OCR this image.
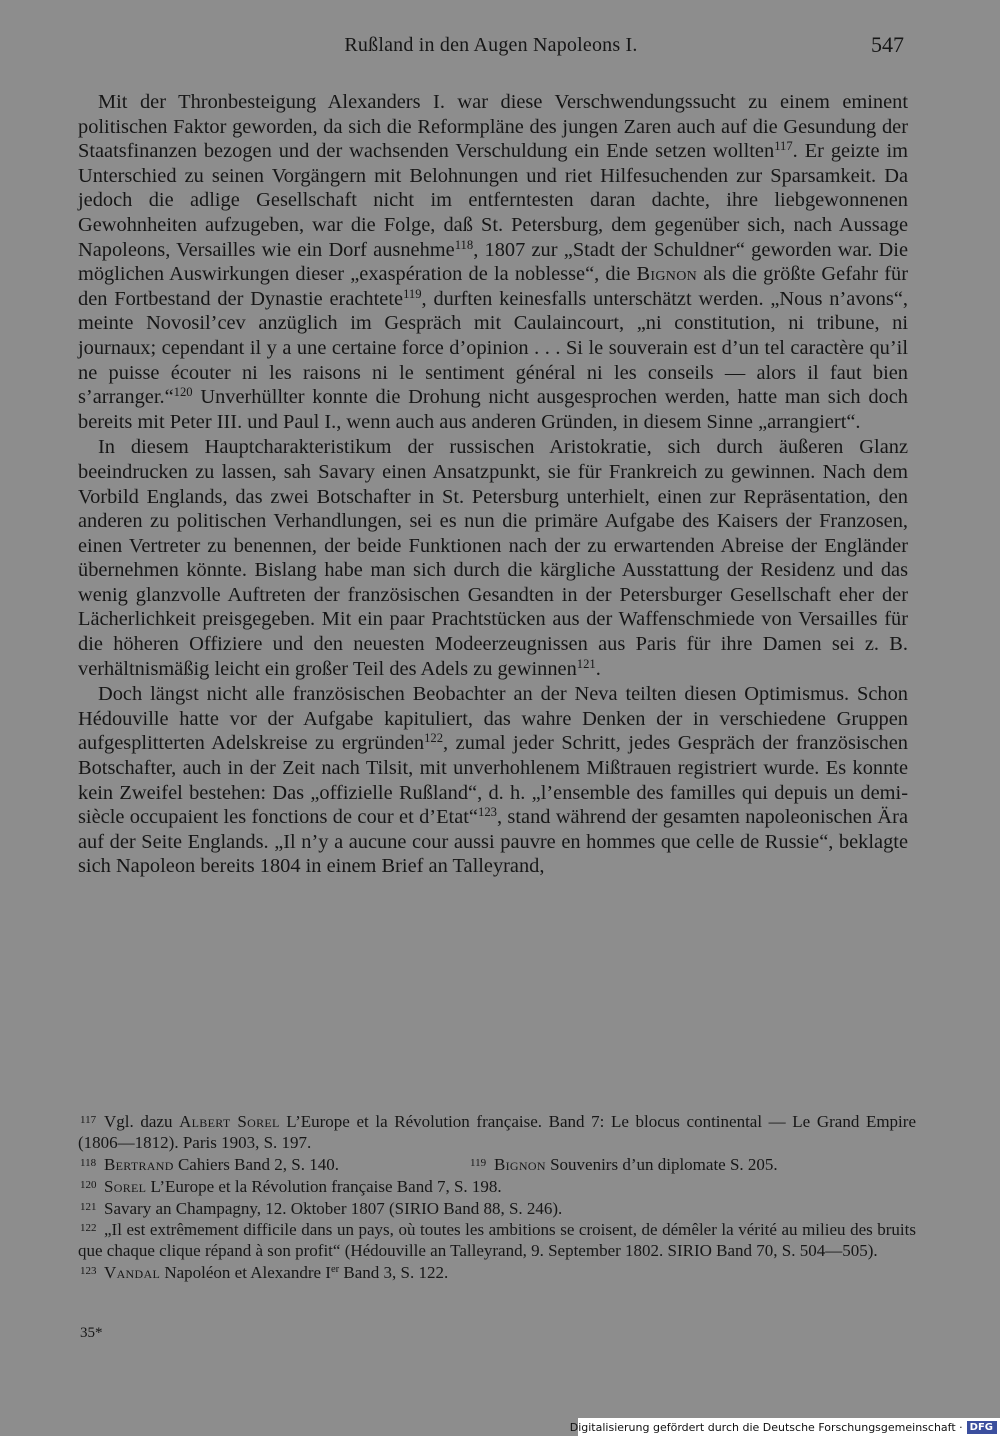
Rußland in den Augen Napoleons I.	547

Mit der Thronbesteigung Alexanders I. war diese Verschwendungssucht zu einem eminent politischen Faktor geworden, da sich die Reformpläne des jungen Zaren auch auf die Gesundung der Staatsfinanzen bezogen und der wachsenden Verschuldung ein Ende setzen wollten$^{117}$. Er geizte im Unterschied zu seinen Vorgängern mit Belohnungen und riet Hilfesuchenden zur Sparsamkeit. Da jedoch die adlige Gesellschaft nicht im entferntesten daran dachte, ihre liebgewonnenen Gewohnheiten aufzugeben, war die Folge, daß St. Petersburg, dem gegenüber sich, nach Aussage Napoleons, Versailles wie ein Dorf ausnehme$^{118}$, 1807 zur „Stadt der Schuldner“ geworden war. Die möglichen Auswirkungen dieser „exaspération de la noblesse“, die Bignon als die größte Gefahr für den Fortbestand der Dynastie erachtete$^{119}$, durften keinesfalls unterschätzt werden. „Nous n’avons“, meinte Novosil’cev anzüglich im Gespräch mit Caulaincourt, „ni constitution, ni tribune, ni journaux; cependant il y a une certaine force d’opinion . . . Si le souverain est d’un tel caractère qu’il ne puisse écouter ni les raisons ni le sentiment général ni les conseils — alors il faut bien s’arranger.“$^{120}$ Unverhüllter konnte die Drohung nicht ausgesprochen werden, hatte man sich doch bereits mit Peter III. und Paul I., wenn auch aus anderen Gründen, in diesem Sinne „arrangiert“.

In diesem Hauptcharakteristikum der russischen Aristokratie, sich durch äußeren Glanz beeindrucken zu lassen, sah Savary einen Ansatzpunkt, sie für Frankreich zu gewinnen. Nach dem Vorbild Englands, das zwei Botschafter in St. Petersburg unterhielt, einen zur Repräsentation, den anderen zu politischen Verhandlungen, sei es nun die primäre Aufgabe des Kaisers der Franzosen, einen Vertreter zu benennen, der beide Funktionen nach der zu erwartenden Abreise der Engländer übernehmen könnte. Bislang habe man sich durch die kärgliche Ausstattung der Residenz und das wenig glanzvolle Auftreten der französischen Gesandten in der Petersburger Gesellschaft eher der Lächerlichkeit preisgegeben. Mit ein paar Prachtstücken aus der Waffenschmiede von Versailles für die höheren Offiziere und den neuesten Modeerzeugnissen aus Paris für ihre Damen sei z. B. verhältnismäßig leicht ein großer Teil des Adels zu gewinnen$^{121}$.

Doch längst nicht alle französischen Beobachter an der Neva teilten diesen Optimismus. Schon Hédouville hatte vor der Aufgabe kapituliert, das wahre Denken der in verschiedene Gruppen aufgesplitterten Adelskreise zu ergründen$^{122}$, zumal jeder Schritt, jedes Gespräch der französischen Botschafter, auch in der Zeit nach Tilsit, mit unverhohlenem Mißtrauen registriert wurde. Es konnte kein Zweifel bestehen: Das „offizielle Rußland“, d. h. „l’ensemble des familles qui depuis un demi-siècle occupaient les fonctions de cour et d’Etat“$^{123}$, stand während der gesamten napoleonischen Ära auf der Seite Englands. „Il n’y a aucune cour aussi pauvre en hommes que celle de Russie“, beklagte sich Napoleon bereits 1804 in einem Brief an Talleyrand,

117 Vgl. dazu Albert Sorel L’Europe et la Révolution française. Band 7: Le blocus continental — Le Grand Empire (1806—1812). Paris 1903, S. 197.

118 Bertrand Cahiers Band 2, S. 140.	119 Bignon Souvenirs d’un diplomate S. 205.

120 Sorel L’Europe et la Révolution française Band 7, S. 198.

121 Savary an Champagny, 12. Oktober 1807 (SIRIO Band 88, S. 246).

122 „Il est extrêmement difficile dans un pays, où toutes les ambitions se croisent, de démêler la vérité au milieu des bruits que chaque clique répand à son profit“ (Hédouville an Talleyrand, 9. September 1802. SIRIO Band 70, S. 504—505).

123 Vandal Napoléon et Alexandre Ier Band 3, S. 122.

35*
Digitalisierung gefördert durch die Deutsche Forschungsgemeinschaft · DFG
